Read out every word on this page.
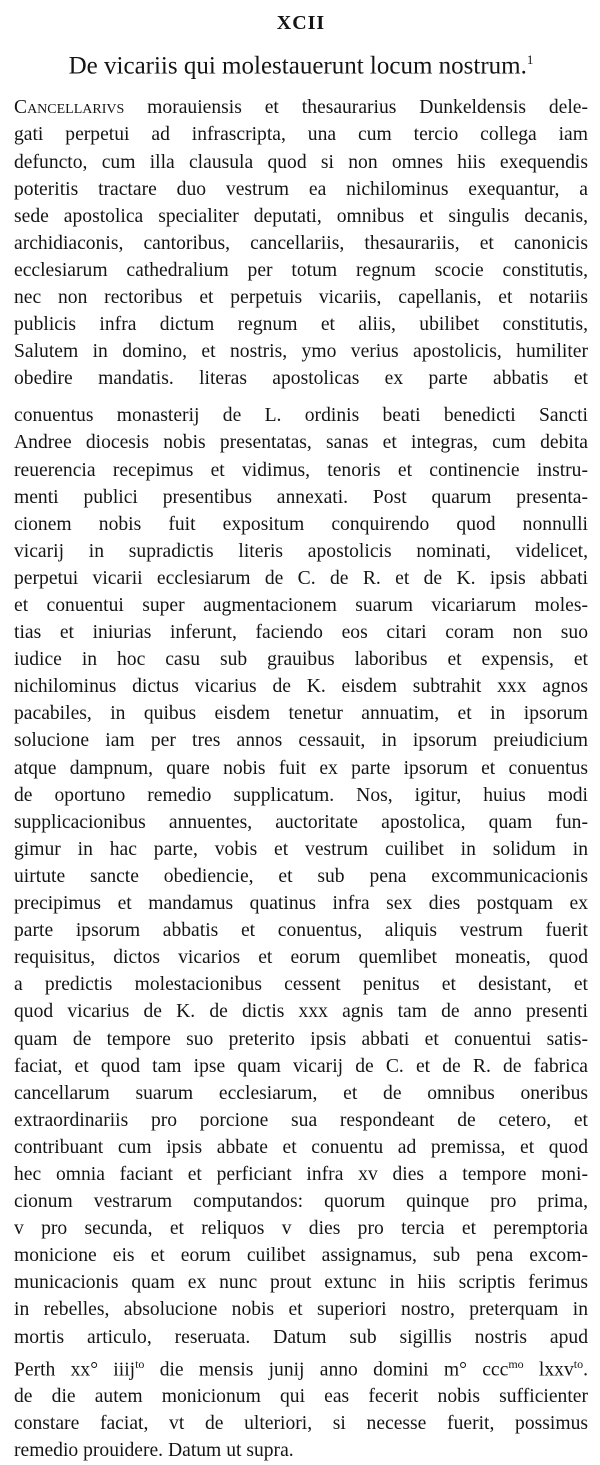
XCII
De vicariis qui molestauerunt locum nostrum.$^1$
Cancellarivs morauiensis et thesaurarius Dunkeldensis dele-
gati perpetui ad infrascripta, una cum tercio collega iam
defuncto, cum illa clausula quod si non omnes hiis exequendis
poteritis tractare duo vestrum ea nichilominus exequantur, a
sede apostolica specialiter deputati, omnibus et singulis decanis,
archidiaconis, cantoribus, cancellariis, thesaurariis, et canonicis
ecclesiarum cathedralium per totum regnum scocie constitutis,
nec non rectoribus et perpetuis vicariis, capellanis, et notariis
publicis infra dictum regnum et aliis, ubilibet constitutis,
Salutem in domino, et nostris, ymo verius apostolicis, humiliter
obedire mandatis. literas apostolicas ex parte abbatis et
conuentus monasterij de L. ordinis beati benedicti Sancti
Andree diocesis nobis presentatas, sanas et integras, cum debita
reuerencia recepimus et vidimus, tenoris et continencie instru-
menti publici presentibus annexati. Post quarum presenta-
cionem nobis fuit expositum conquirendo quod nonnulli
vicarij in supradictis literis apostolicis nominati, videlicet,
perpetui vicarii ecclesiarum de C. de R. et de K. ipsis abbati
et conuentui super augmentacionem suarum vicariarum moles-
tias et iniurias inferunt, faciendo eos citari coram non suo
iudice in hoc casu sub grauibus laboribus et expensis, et
nichilominus dictus vicarius de K. eisdem subtrahit xxx agnos
pacabiles, in quibus eisdem tenetur annuatim, et in ipsorum
solucione iam per tres annos cessauit, in ipsorum preiudicium
atque dampnum, quare nobis fuit ex parte ipsorum et conuentus
de oportuno remedio supplicatum. Nos, igitur, huius modi
supplicacionibus annuentes, auctoritate apostolica, quam fun-
gimur in hac parte, vobis et vestrum cuilibet in solidum in
uirtute sancte obediencie, et sub pena excommunicacionis
precipimus et mandamus quatinus infra sex dies postquam ex
parte ipsorum abbatis et conuentus, aliquis vestrum fuerit
requisitus, dictos vicarios et eorum quemlibet moneatis, quod
a predictis molestacionibus cessent penitus et desistant, et
quod vicarius de K. de dictis xxx agnis tam de anno presenti
quam de tempore suo preterito ipsis abbati et conuentui satis-
faciat, et quod tam ipse quam vicarij de C. et de R. de fabrica
cancellarum suarum ecclesiarum, et de omnibus oneribus
extraordinariis pro porcione sua respondeant de cetero, et
contribuant cum ipsis abbate et conuentu ad premissa, et quod
hec omnia faciant et perficiant infra xv dies a tempore moni-
cionum vestrarum computandos: quorum quinque pro prima,
v pro secunda, et reliquos v dies pro tercia et peremptoria
monicione eis et eorum cuilibet assignamus, sub pena excom-
municacionis quam ex nunc prout extunc in hiis scriptis ferimus
in rebelles, absolucione nobis et superiori nostro, preterquam in
mortis articulo, reseruata. Datum sub sigillis nostris apud
Perth xx° iiij$^{to}$ die mensis junij anno domini m° ccc$^{mo}$ lxxv$^{to}$.
de die autem monicionum qui eas fecerit nobis sufficienter
constare faciat, vt de ulteriori, si necesse fuerit, possimus
remedio prouidere. Datum ut supra.
